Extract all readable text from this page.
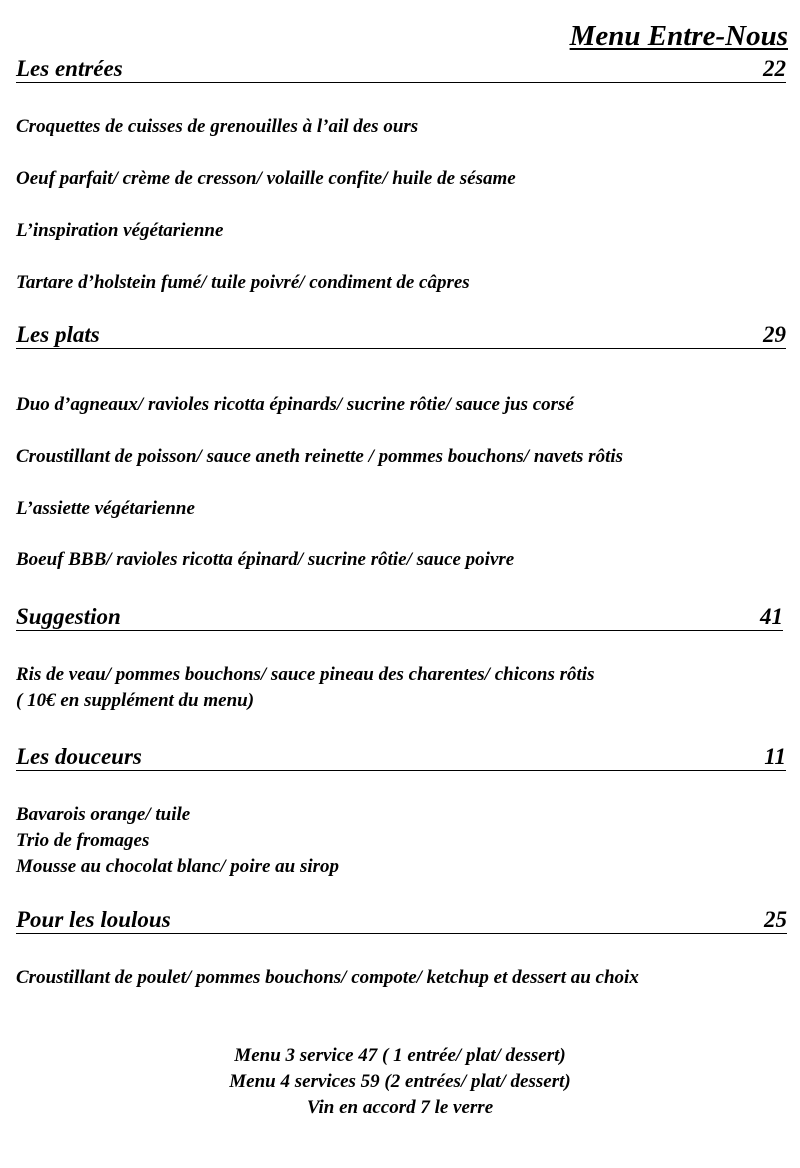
Menu Entre-Nous
Les entrées	22
Croquettes de cuisses de grenouilles à l’ail des ours
Oeuf parfait/ crème de cresson/ volaille confite/ huile de sésame
L’inspiration végétarienne
Tartare d’holstein fumé/ tuile poivré/ condiment de câpres
Les plats	29
Duo d’agneaux/ ravioles ricotta épinards/ sucrine rôtie/ sauce jus corsé
Croustillant de poisson/ sauce aneth reinette / pommes bouchons/ navets rôtis
L’assiette végétarienne
Boeuf BBB/ ravioles ricotta épinard/ sucrine rôtie/ sauce poivre
Suggestion	41
Ris de veau/ pommes bouchons/ sauce pineau des charentes/ chicons rôtis
( 10€ en supplément du menu)
Les douceurs	11
Bavarois orange/ tuile
Trio de fromages
Mousse au chocolat blanc/ poire au sirop
Pour les loulous	25
Croustillant de poulet/ pommes bouchons/ compote/ ketchup et dessert au choix
Menu 3 service 47 ( 1 entrée/ plat/ dessert)
Menu 4 services 59 (2 entrées/ plat/ dessert)
Vin en accord 7 le verre
